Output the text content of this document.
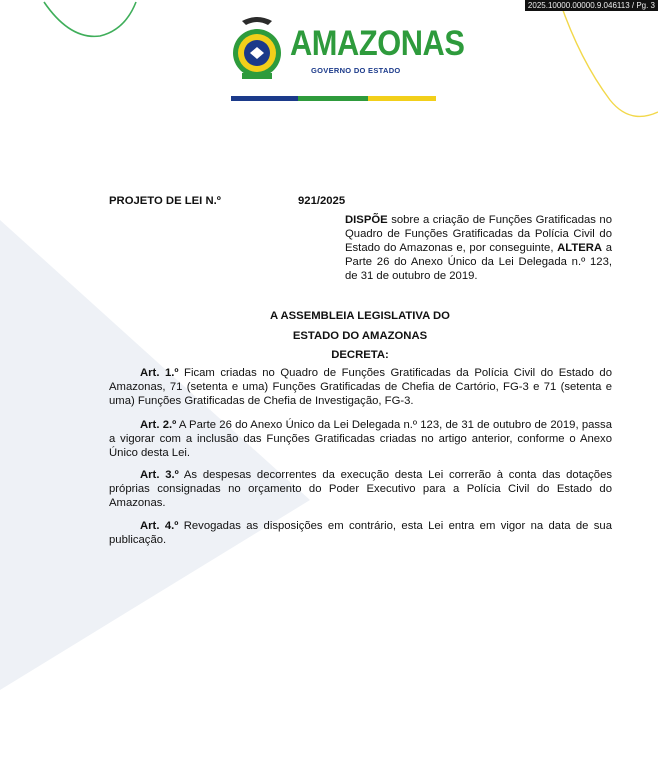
2025.10000.00000.9.046113 / Pg. 3
AMAZONAS
GOVERNO DO ESTADO
PROJETO DE LEI N.º	921/2025
DISPÕE sobre a criação de Funções Gratificadas no Quadro de Funções Gratificadas da Polícia Civil do Estado do Amazonas e, por conseguinte, ALTERA a Parte 26 do Anexo Único da Lei Delegada n.º 123, de 31 de outubro de 2019.
A ASSEMBLEIA LEGISLATIVA DO
ESTADO DO AMAZONAS
DECRETA:
Art. 1.º Ficam criadas no Quadro de Funções Gratificadas da Polícia Civil do Estado do Amazonas, 71 (setenta e uma) Funções Gratificadas de Chefia de Cartório, FG-3 e 71 (setenta e uma) Funções Gratificadas de Chefia de Investigação, FG-3.
Art. 2.º A Parte 26 do Anexo Único da Lei Delegada n.º 123, de 31 de outubro de 2019, passa a vigorar com a inclusão das Funções Gratificadas criadas no artigo anterior, conforme o Anexo Único desta Lei.
Art. 3.º As despesas decorrentes da execução desta Lei correrão à conta das dotações próprias consignadas no orçamento do Poder Executivo para a Polícia Civil do Estado do Amazonas.
Art. 4.º Revogadas as disposições em contrário, esta Lei entra em vigor na data de sua publicação.
